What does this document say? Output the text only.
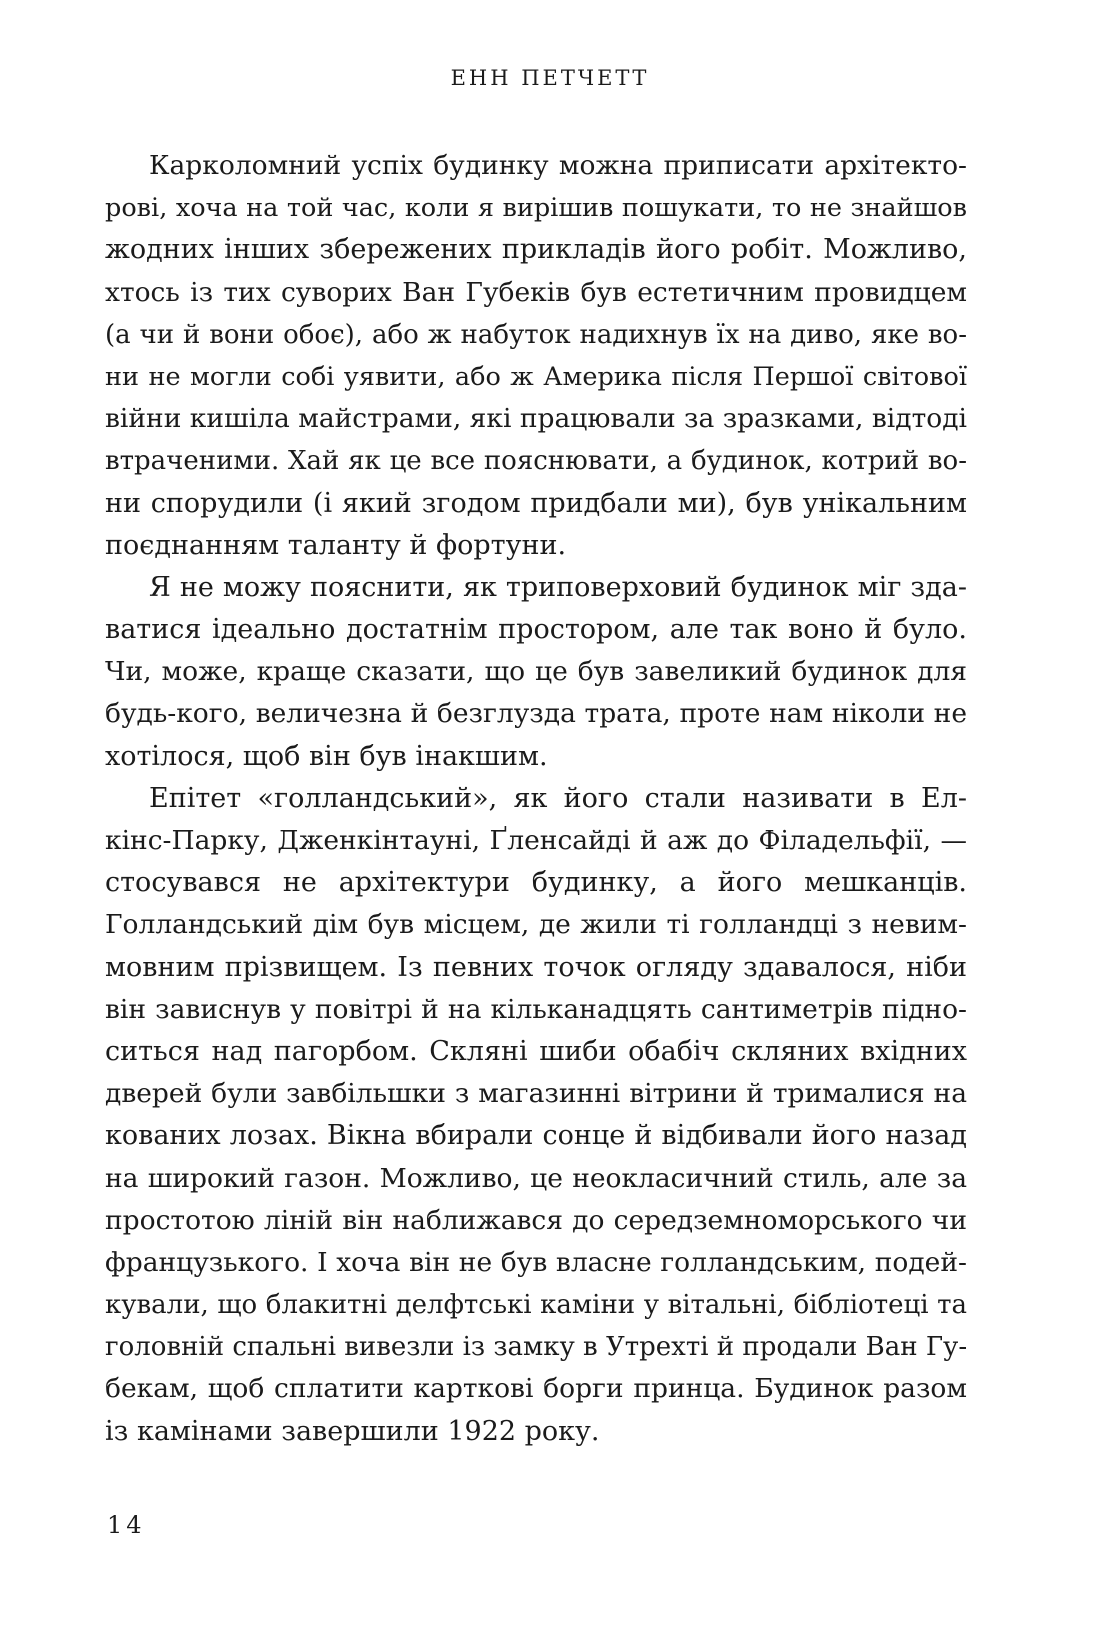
ЕНН ПЕТЧЕТТ
Карколомний успіх будинку можна приписати архітекто-
рові, хоча на той час, коли я вирішив пошукати, то не знайшов
жодних інших збережених прикладів його робіт. Можливо,
хтось із тих суворих Ван Губеків був естетичним провидцем
(а чи й вони обоє), або ж набуток надихнув їх на диво, яке во-
ни не могли собі уявити, або ж Америка після Першої світової
війни кишіла майстрами, які працювали за зразками, відтоді
втраченими. Хай як це все пояснювати, а будинок, котрий во-
ни спорудили (і який згодом придбали ми), був унікальним
поєднанням таланту й фортуни.
Я не можу пояснити, як триповерховий будинок міг зда-
ватися ідеально достатнім простором, але так воно й було.
Чи, може, краще сказати, що це був завеликий будинок для
будь-кого, величезна й безглузда трата, проте нам ніколи не
хотілося, щоб він був інакшим.
Епітет «голландський», як його стали називати в Ел-
кінс-Парку, Дженкінтауні, Ґленсайді й аж до Філадельфії, —
стосувався не архітектури будинку, а його мешканців.
Голландський дім був місцем, де жили ті голландці з невим-
мовним прізвищем. Із певних точок огляду здавалося, ніби
він зависнув у повітрі й на кільканадцять сантиметрів підно-
ситься над пагорбом. Скляні шиби обабіч скляних вхідних
дверей були завбільшки з магазинні вітрини й трималися на
кованих лозах. Вікна вбирали сонце й відбивали його назад
на широкий газон. Можливо, це неокласичний стиль, але за
простотою ліній він наближався до середземноморського чи
французького. І хоча він не був власне голландським, подей-
кували, що блакитні делфтські каміни у вітальні, бібліотеці та
головній спальні вивезли із замку в Утрехті й продали Ван Гу-
бекам, щоб сплатити карткові борги принца. Будинок разом
із камінами завершили 1922 року.
14
